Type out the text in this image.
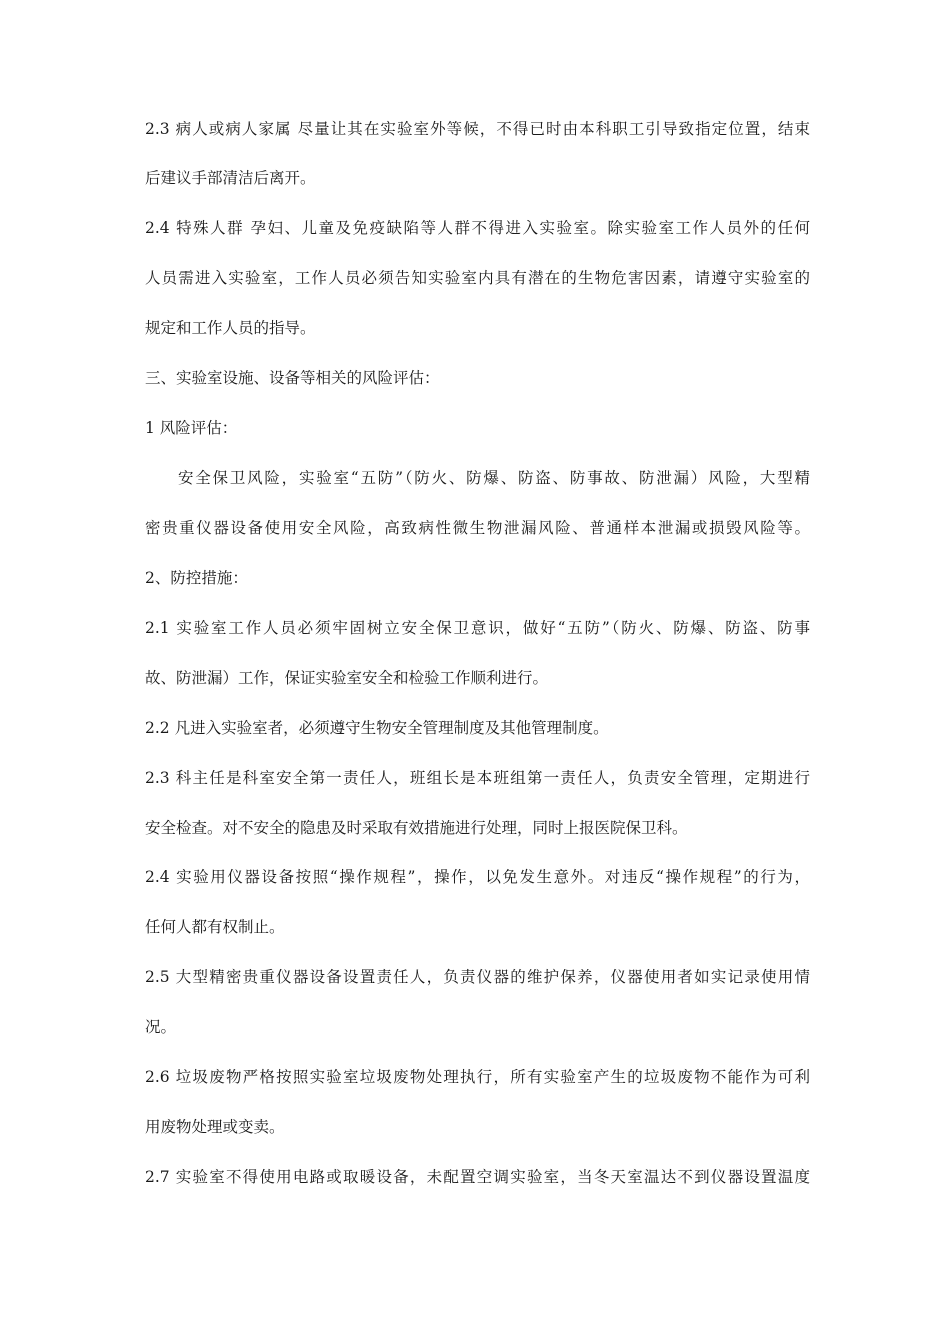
2.3 病人或病人家属 尽量让其在实验室外等候，不得已时由本科职工引导致指定位置，结束
后建议手部清洁后离开。
2.4 特殊人群 孕妇、儿童及免疫缺陷等人群不得进入实验室。除实验室工作人员外的任何
人员需进入实验室，工作人员必须告知实验室内具有潜在的生物危害因素，请遵守实验室的
规定和工作人员的指导。
三、实验室设施、设备等相关的风险评估：
1 风险评估：
安全保卫风险，实验室“五防”（防火、防爆、防盗、防事故、防泄漏）风险，大型精
密贵重仪器设备使用安全风险，高致病性微生物泄漏风险、普通样本泄漏或损毁风险等。
2、防控措施：
2.1 实验室工作人员必须牢固树立安全保卫意识，做好“五防”（防火、防爆、防盗、防事
故、防泄漏）工作，保证实验室安全和检验工作顺利进行。
2.2 凡进入实验室者，必须遵守生物安全管理制度及其他管理制度。
2.3 科主任是科室安全第一责任人，班组长是本班组第一责任人，负责安全管理，定期进行
安全检查。对不安全的隐患及时采取有效措施进行处理，同时上报医院保卫科。
2.4 实验用仪器设备按照“操作规程”，操作，以免发生意外。对违反“操作规程”的行为，
任何人都有权制止。
2.5 大型精密贵重仪器设备设置责任人，负责仪器的维护保养，仪器使用者如实记录使用情
况。
2.6 垃圾废物严格按照实验室垃圾废物处理执行，所有实验室产生的垃圾废物不能作为可利
用废物处理或变卖。
2.7 实验室不得使用电路或取暖设备，未配置空调实验室，当冬天室温达不到仪器设置温度
